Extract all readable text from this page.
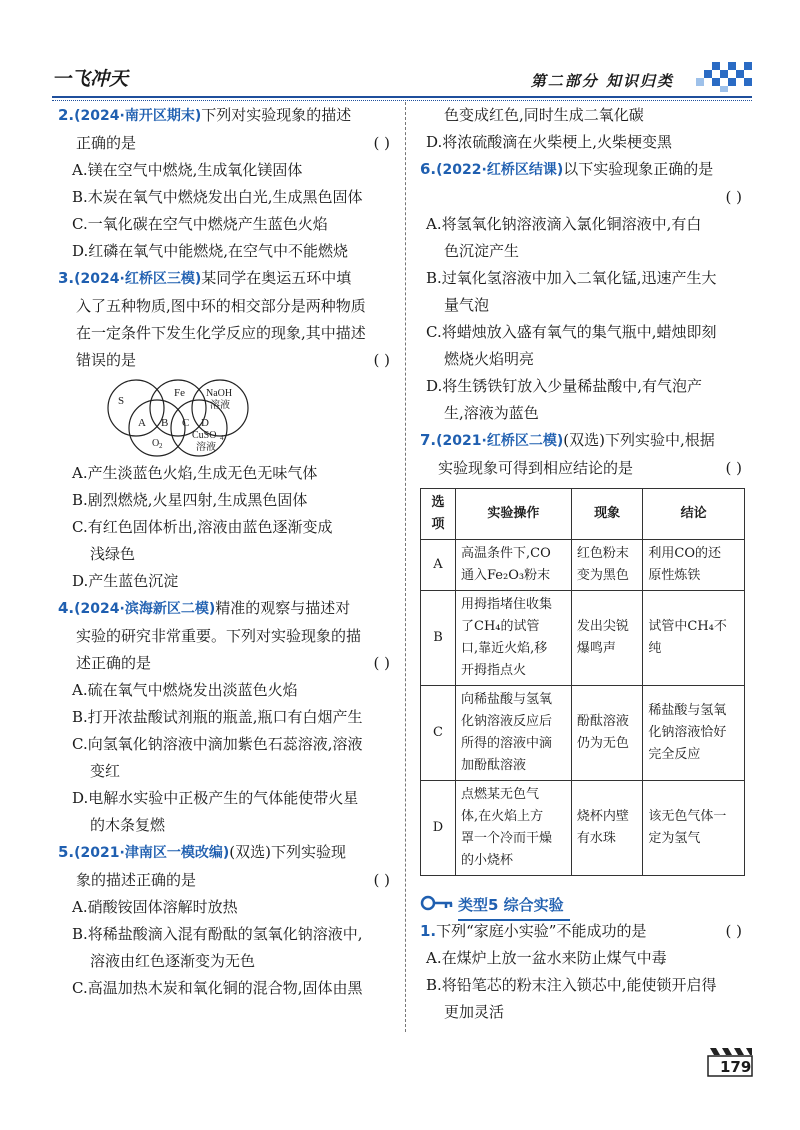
一飞冲天	第二部分 知识归类
2.(2024·南开区期末)下列对实验现象的描述
正确的是	( )
A.镁在空气中燃烧,生成氧化镁固体
B.木炭在氧气中燃烧发出白光,生成黑色固体
C.一氧化碳在空气中燃烧产生蓝色火焰
D.红磷在氧气中能燃烧,在空气中不能燃烧
3.(2024·红桥区三模)某同学在奥运五环中填
入了五种物质,图中环的相交部分是两种物质
在一定条件下发生化学反应的现象,其中描述
错误的是	( )
S
Fe NaOH
溶液
A B C D
O 2
CuSO 4
溶液
A.产生淡蓝色火焰,生成无色无味气体
B.剧烈燃烧,火星四射,生成黑色固体
C.有红色固体析出,溶液由蓝色逐渐变成
浅绿色
D.产生蓝色沉淀
4.(2024·滨海新区二模)精准的观察与描述对
实验的研究非常重要。下列对实验现象的描
述正确的是	( )
A.硫在氧气中燃烧发出淡蓝色火焰
B.打开浓盐酸试剂瓶的瓶盖,瓶口有白烟产生
C.向氢氧化钠溶液中滴加紫色石蕊溶液,溶液
变红
D.电解水实验中正极产生的气体能使带火星
的木条复燃
5.(2021·津南区一模改编)(双选)下列实验现
象的描述正确的是	( )
A.硝酸铵固体溶解时放热
B.将稀盐酸滴入混有酚酞的氢氧化钠溶液中,
溶液由红色逐渐变为无色
C.高温加热木炭和氧化铜的混合物,固体由黑
色变成红色,同时生成二氧化碳
D.将浓硫酸滴在火柴梗上,火柴梗变黑
6.(2022·红桥区结课)以下实验现象正确的是
( )

A.将氢氧化钠溶液滴入氯化铜溶液中,有白
色沉淀产生
B.过氧化氢溶液中加入二氧化锰,迅速产生大
量气泡
C.将蜡烛放入盛有氧气的集气瓶中,蜡烛即刻
燃烧火焰明亮
D.将生锈铁钉放入少量稀盐酸中,有气泡产
生,溶液为蓝色
7.(2021·红桥区二模)(双选)下列实验中,根据
实验现象可得到相应结论的是	( )
选项	实验操作	现象	结论
A	高温条件下,CO
通入Fe₂O₃粉末	红色粉末
变为黑色	利用CO的还
原性炼铁

B	用拇指堵住收集
了CH₄的试管
口,靠近火焰,移
开拇指点火	发出尖锐
爆鸣声	试管中CH₄不
纯

C	向稀盐酸与氢氧
化钠溶液反应后
所得的溶液中滴
加酚酞溶液	酚酞溶液
仍为无色	稀盐酸与氢氧
化钠溶液恰好
完全反应

D	点燃某无色气
体,在火焰上方
罩一个冷而干燥
的小烧杯	烧杯内壁
有水珠	该无色气体一
定为氢气
类型5 综合实验
1.下列“家庭小实验”不能成功的是	( )
A.在煤炉上放一盆水来防止煤气中毒
B.将铅笔芯的粉末注入锁芯中,能使锁开启得
更加灵活
179
